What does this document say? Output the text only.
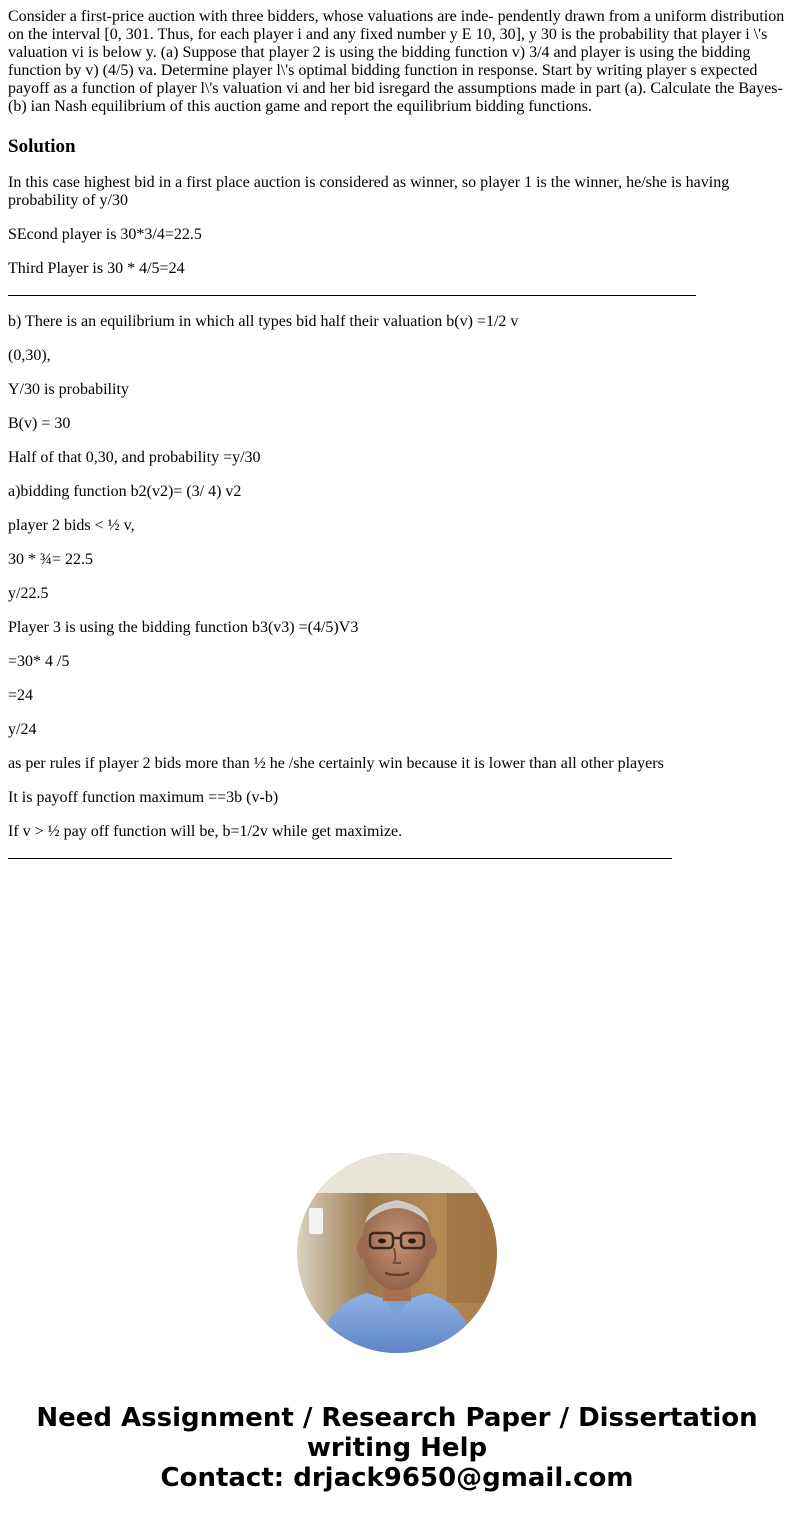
Consider a first-price auction with three bidders, whose valuations are inde- pendently drawn from a uniform distribution on the interval [0, 301. Thus, for each player i and any fixed number y E 10, 30], y 30 is the probability that player i \'s valuation vi is below y. (a) Suppose that player 2 is using the bidding function v) 3/4 and player is using the bidding function by v) (4/5) va. Determine player l\'s optimal bidding function in response. Start by writing player s expected payoff as a function of player l\'s valuation vi and her bid isregard the assumptions made in part (a). Calculate the Bayes-(b) ian Nash equilibrium of this auction game and report the equilibrium bidding functions.

Solution

In this case highest bid in a first place auction is considered as winner, so player 1 is the winner, he/she is having probability of y/30

SEcond player is 30*3/4=22.5

Third Player is 30 * 4/5=24

b) There is an equilibrium in which all types bid half their valuation b(v) =1/2 v

(0,30),

Y/30 is probability

B(v) = 30

Half of that 0,30, and probability =y/30

a)bidding function b2(v2)= (3/ 4) v2

player 2 bids < ½ v,

30 * ¾= 22.5

y/22.5

Player 3 is using the bidding function b3(v3) =(4/5)V3

=30* 4 /5

=24

y/24

as per rules if player 2 bids more than ½ he /she certainly win because it is lower than all other players

It is payoff function maximum ==3b (v-b)

If v > ½ pay off function will be, b=1/2v while get maximize.

Need Assignment / Research Paper / Dissertation
writing Help
Contact: drjack9650@gmail.com
